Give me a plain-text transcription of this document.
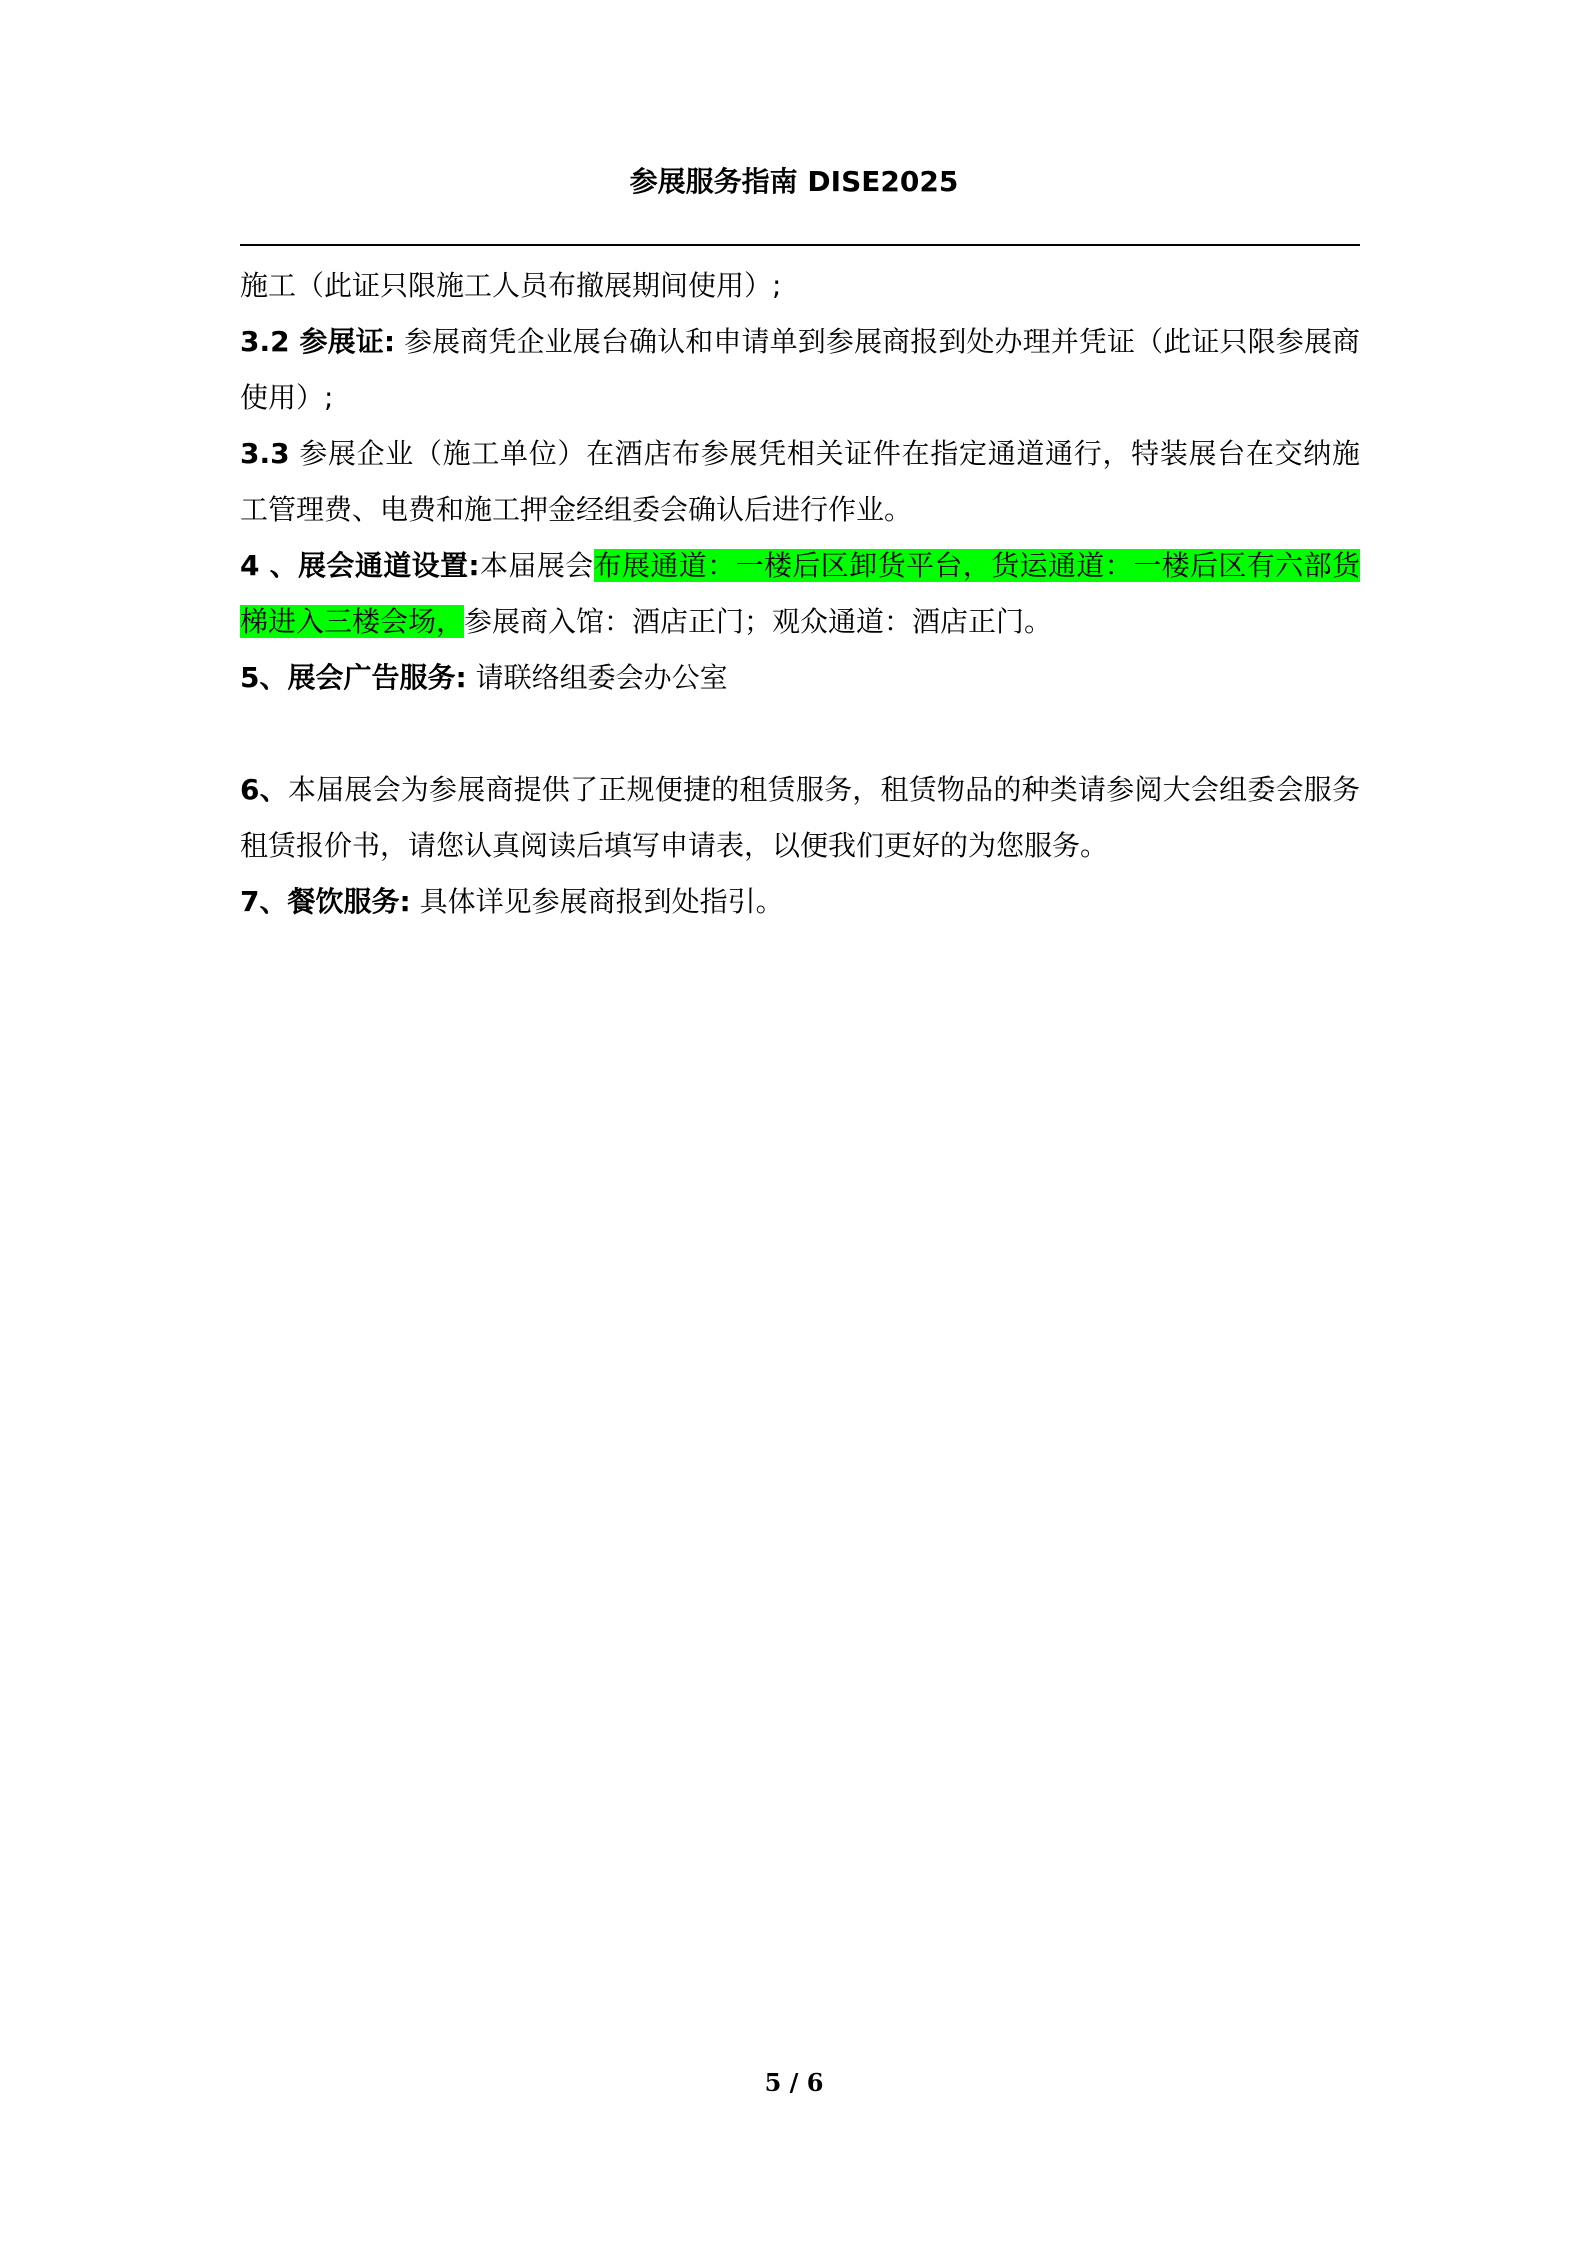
参展服务指南 DISE2025

施工（此证只限施工人员布撤展期间使用）;

3.2 参展证: 参展商凭企业展台确认和申请单到参展商报到处办理并凭证（此证只限参展商使用）;

3.3 参展企业（施工单位）在酒店布参展凭相关证件在指定通道通行，特装展台在交纳施工管理费、电费和施工押金经组委会确认后进行作业。

4 、展会通道设置:本届展会布展通道：一楼后区卸货平台，货运通道：一楼后区有六部货梯进入三楼会场，参展商入馆：酒店正门；观众通道：酒店正门。

5、展会广告服务: 请联络组委会办公室

6、本届展会为参展商提供了正规便捷的租赁服务，租赁物品的种类请参阅大会组委会服务租赁报价书，请您认真阅读后填写申请表，以便我们更好的为您服务。

7、餐饮服务: 具体详见参展商报到处指引。

5 / 6
